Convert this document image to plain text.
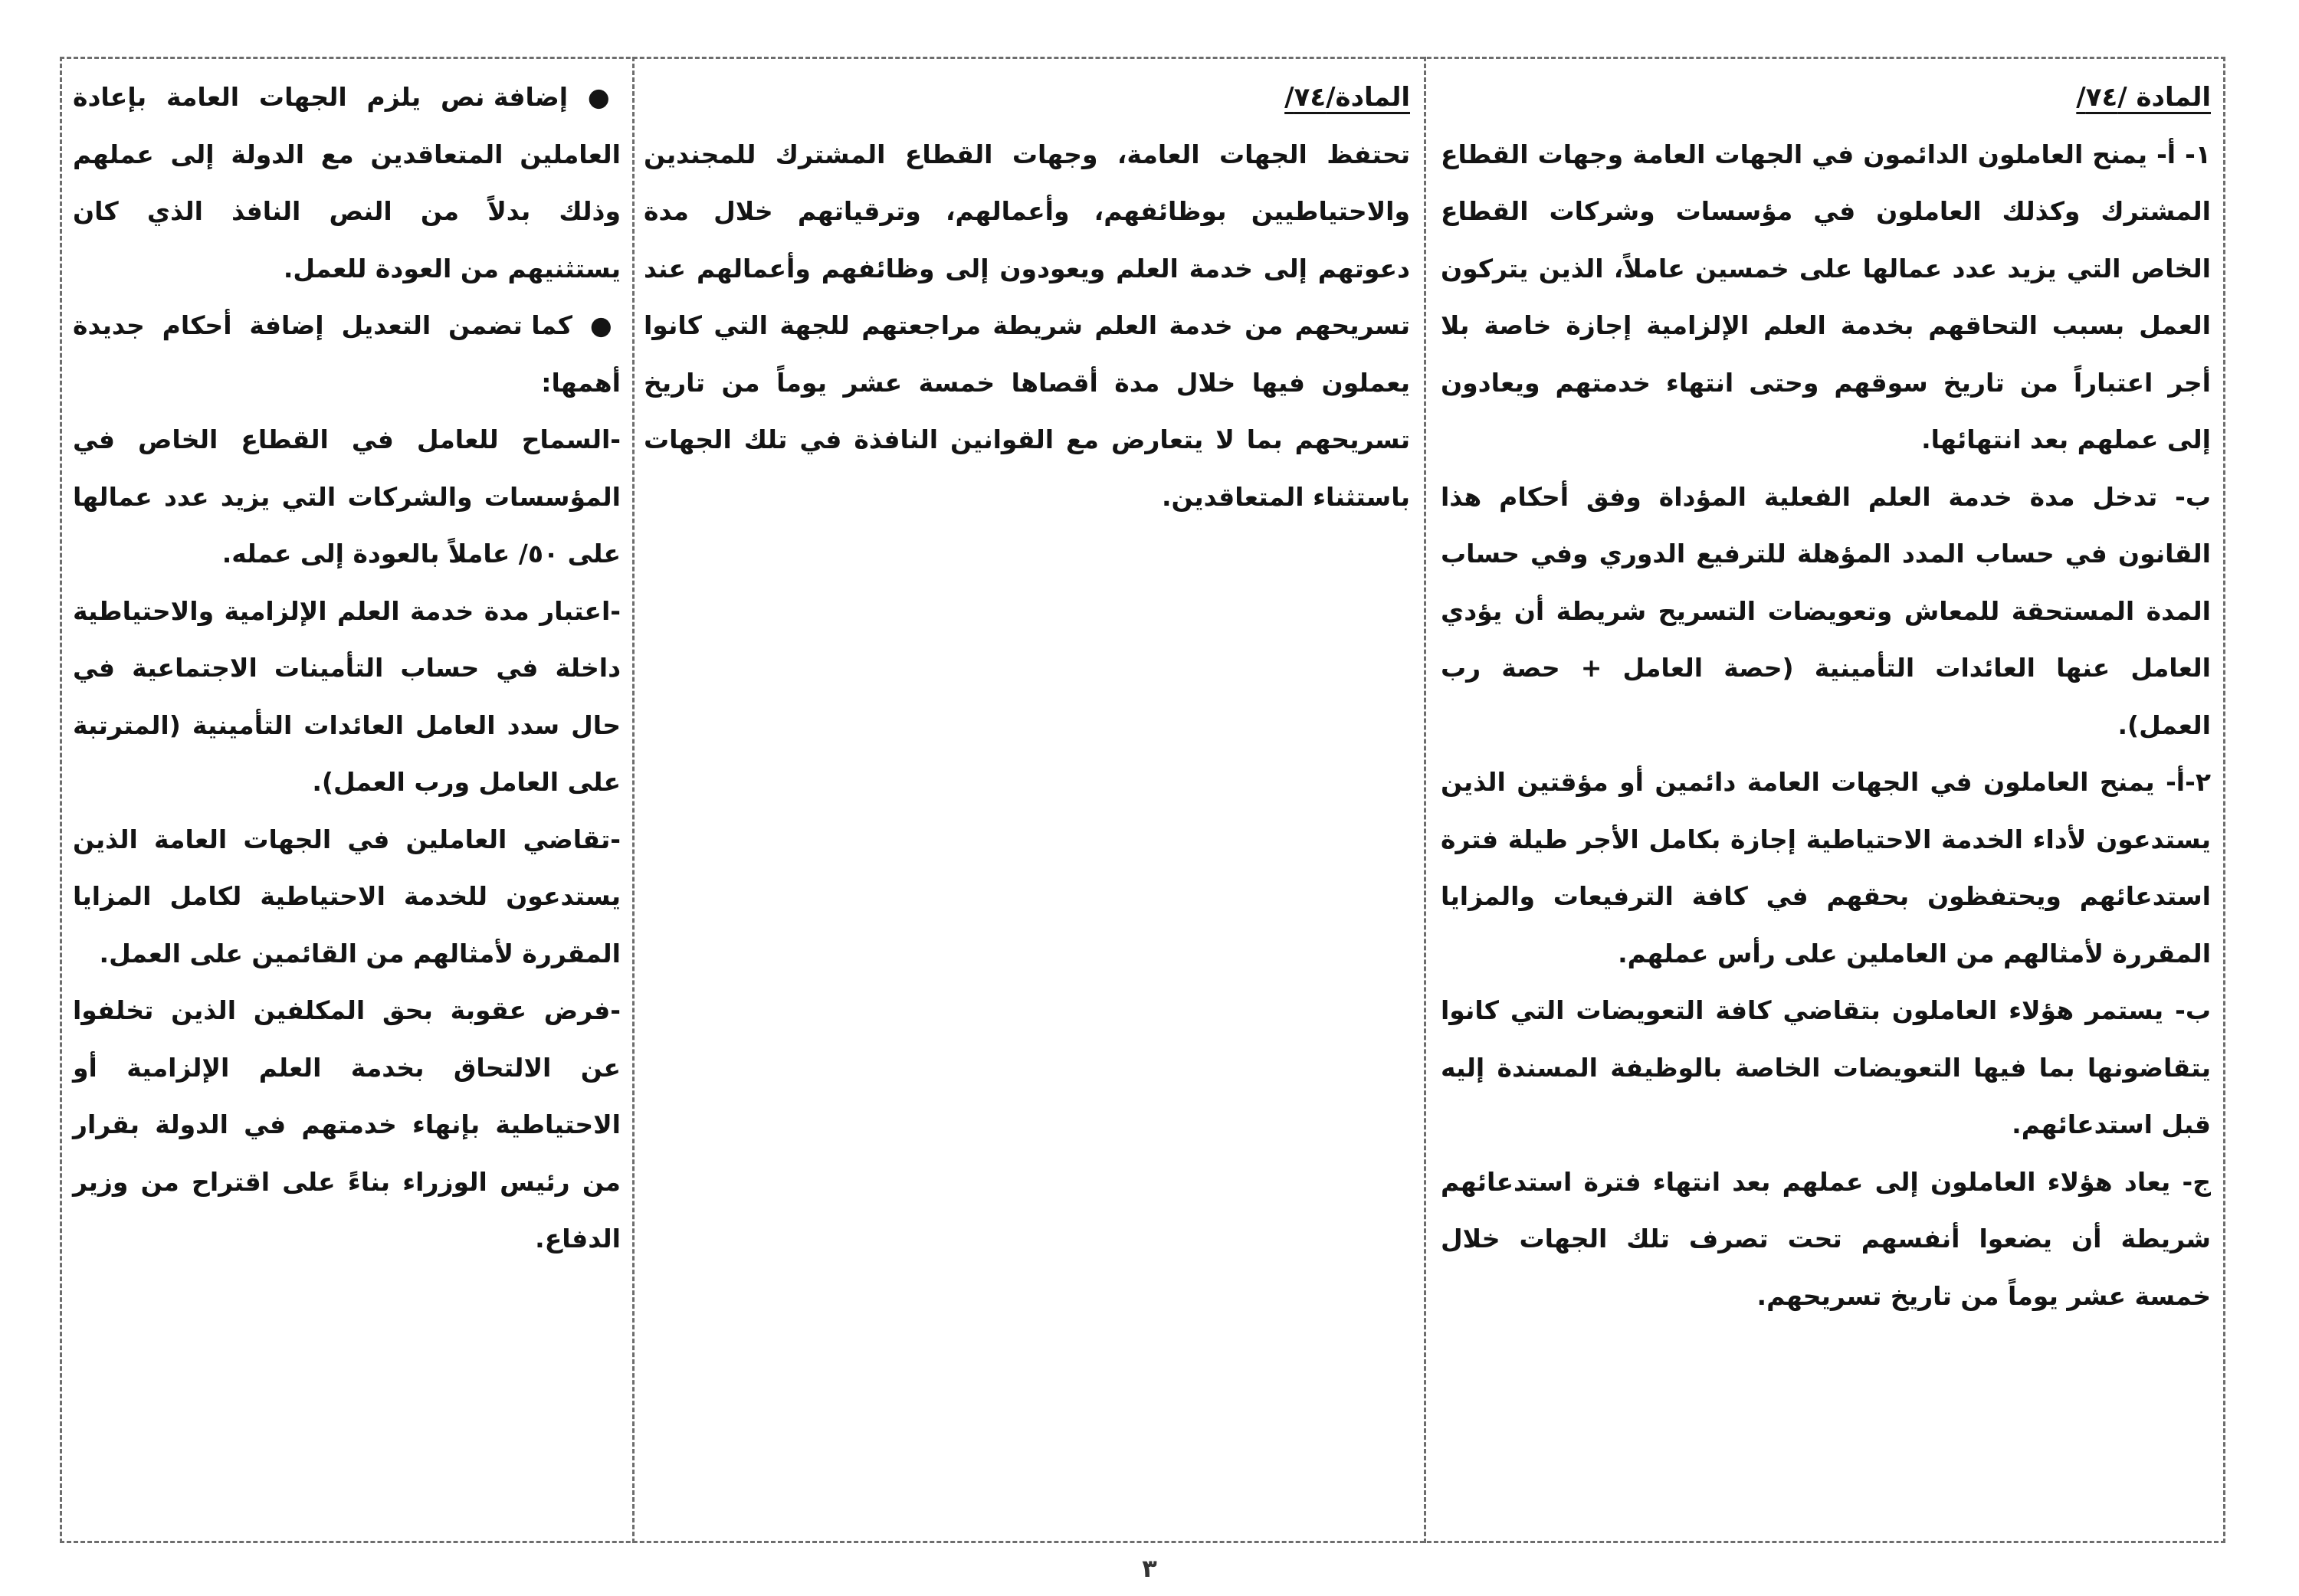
المادة /٧٤/

١- أ- يمنح العاملون الدائمون في الجهات العامة وجهات القطاع المشترك وكذلك العاملون في مؤسسات وشركات القطاع الخاص التي يزيد عدد عمالها على خمسين عاملاً، الذين يتركون العمل بسبب التحاقهم بخدمة العلم الإلزامية إجازة خاصة بلا أجر اعتباراً من تاريخ سوقهم وحتى انتهاء خدمتهم ويعادون إلى عملهم بعد انتهائها.

ب- تدخل مدة خدمة العلم الفعلية المؤداة وفق أحكام هذا القانون في حساب المدد المؤهلة للترفيع الدوري وفي حساب المدة المستحقة للمعاش وتعويضات التسريح شريطة أن يؤدي العامل عنها العائدات التأمينية (حصة العامل + حصة رب العمل).

٢-أ- يمنح العاملون في الجهات العامة دائمين أو مؤقتين الذين يستدعون لأداء الخدمة الاحتياطية إجازة بكامل الأجر طيلة فترة استدعائهم ويحتفظون بحقهم في كافة الترفيعات والمزايا المقررة لأمثالهم من العاملين على رأس عملهم.

ب- يستمر هؤلاء العاملون بتقاضي كافة التعويضات التي كانوا يتقاضونها بما فيها التعويضات الخاصة بالوظيفة المسندة إليه قبل استدعائهم.

ج- يعاد هؤلاء العاملون إلى عملهم بعد انتهاء فترة استدعائهم شريطة أن يضعوا أنفسهم تحت تصرف تلك الجهات خلال خمسة عشر يوماً من تاريخ تسريحهم.

المادة/٧٤/

تحتفظ الجهات العامة، وجهات القطاع المشترك للمجندين والاحتياطيين بوظائفهم، وأعمالهم، وترقياتهم خلال مدة دعوتهم إلى خدمة العلم ويعودون إلى وظائفهم وأعمالهم عند تسريحهم من خدمة العلم شريطة مراجعتهم للجهة التي كانوا يعملون فيها خلال مدة أقصاها خمسة عشر يوماً من تاريخ تسريحهم بما لا يتعارض مع القوانين النافذة في تلك الجهات باستثناء المتعاقدين.

● إضافة نص يلزم الجهات العامة بإعادة العاملين المتعاقدين مع الدولة إلى عملهم وذلك بدلاً من النص النافذ الذي كان يستثنيهم من العودة للعمل.

● كما تضمن التعديل إضافة أحكام جديدة أهمها:

-السماح للعامل في القطاع الخاص في المؤسسات والشركات التي يزيد عدد عمالها على ٥٠/ عاملاً بالعودة إلى عمله.

-اعتبار مدة خدمة العلم الإلزامية والاحتياطية داخلة في حساب التأمينات الاجتماعية في حال سدد العامل العائدات التأمينية (المترتبة على العامل ورب العمل).

-تقاضي العاملين في الجهات العامة الذين يستدعون للخدمة الاحتياطية لكامل المزايا المقررة لأمثالهم من القائمين على العمل.

-فرض عقوبة بحق المكلفين الذين تخلفوا عن الالتحاق بخدمة العلم الإلزامية أو الاحتياطية بإنهاء خدمتهم في الدولة بقرار من رئيس الوزراء بناءً على اقتراح من وزير الدفاع.

٣
